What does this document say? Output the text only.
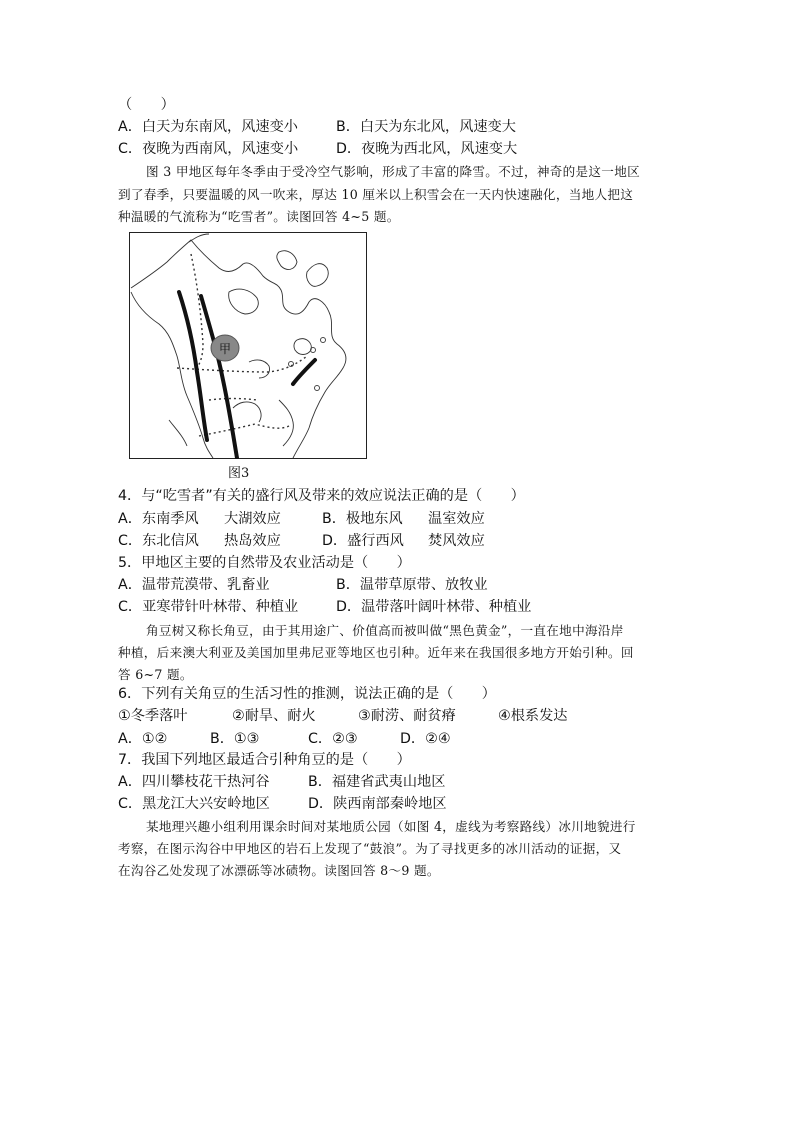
（　　）
A．白天为东南风，风速变小	B．白天为东北风，风速变大
C．夜晚为西南风，风速变小	D．夜晚为西北风，风速变大
图 3 甲地区每年冬季由于受冷空气影响，形成了丰富的降雪。不过，神奇的是这一地区
到了春季，只要温暖的风一吹来，厚达 10 厘米以上积雪会在一天内快速融化，当地人把这
种温暖的气流称为“吃雪者”。读图回答 4~5 题。
甲
图3
4．与“吃雪者”有关的盛行风及带来的效应说法正确的是（　　）
A．东南季风 大湖效应	B．极地东风 温室效应
C．东北信风 热岛效应	D．盛行西风 焚风效应
5．甲地区主要的自然带及农业活动是（　　）
A．温带荒漠带、乳畜业	B．温带草原带、放牧业
C．亚寒带针叶林带、种植业	D．温带落叶阔叶林带、种植业
角豆树又称长角豆，由于其用途广、价值高而被叫做“黑色黄金”，一直在地中海沿岸
种植，后来澳大利亚及美国加里弗尼亚等地区也引种。近年来在我国很多地方开始引种。回
答 6~7 题。
6．下列有关角豆的生活习性的推测，说法正确的是（　　）
①冬季落叶	②耐旱、耐火	③耐涝、耐贫瘠	④根系发达
A．①②	B．①③	C．②③	D．②④
7．我国下列地区最适合引种角豆的是（　　）
A．四川攀枝花干热河谷	B．福建省武夷山地区
C．黑龙江大兴安岭地区	D．陕西南部秦岭地区
某地理兴趣小组利用课余时间对某地质公园（如图 4，虚线为考察路线）冰川地貌进行
考察，在图示沟谷中甲地区的岩石上发现了“鼓浪”。为了寻找更多的冰川活动的证据，又
在沟谷乙处发现了冰漂砾等冰碛物。读图回答 8～9 题。
